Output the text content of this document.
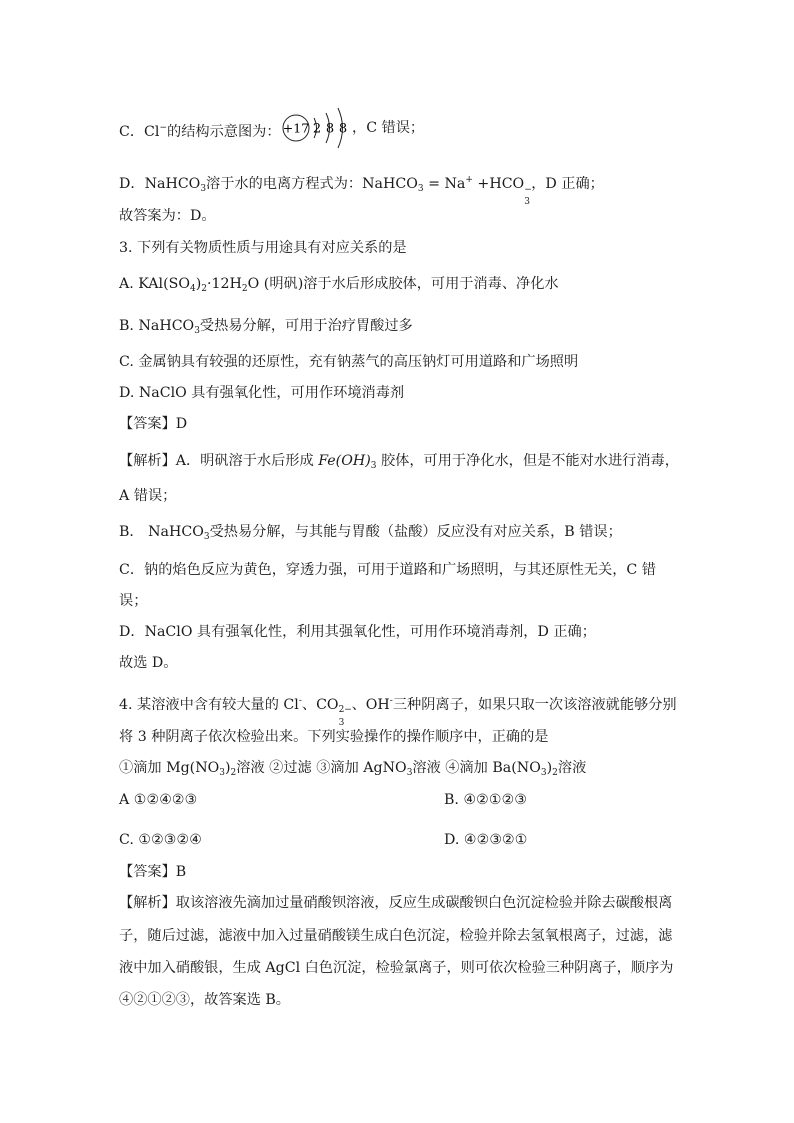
C．Cl−的结构示意图为： +17 2 8 8 ，C 错误；
D．NaHCO$_3$溶于水的电离方程式为：NaHCO$_3$ = Na+ +HCO −
3
，D 正确；
故答案为：D。
3. 下列有关物质性质与用途具有对应关系的是
A. $KAl(SO_4)_2\cdot 12H_2O$ (明矾)溶于水后形成胶体，可用于消毒、净化水
B. NaHCO$_3$受热易分解，可用于治疗胃酸过多
C. 金属钠具有较强的还原性，充有钠蒸气的高压钠灯可用道路和广场照明
D. NaClO 具有强氧化性，可用作环境消毒剂
【答案】D
【解析】A．明矾溶于水后形成 $Fe(OH)_3$ 胶体，可用于净化水，但是不能对水进行消毒，
A 错误；
B． NaHCO$_3$受热易分解，与其能与胃酸（盐酸）反应没有对应关系，B 错误；
C．钠的焰色反应为黄色，穿透力强，可用于道路和广场照明，与其还原性无关，C 错
误；
D．NaClO 具有强氧化性，利用其强氧化性，可用作环境消毒剂，D 正确；
故选 D。
4. 某溶液中含有较大量的 Cl-、CO 2−
3
、OH-三种阴离子，如果只取一次该溶液就能够分别
将 3 种阴离子依次检验出来。下列实验操作的操作顺序中，正确的是
①滴加 $Mg(NO_3)_2$溶液 ②过滤 ③滴加 AgNO$_3$溶液 ④滴加 $Ba(NO_3)_2$溶液
A ①②④②③	B. ④②①②③
C. ①②③②④	D. ④②③②①
【答案】B
【解析】取该溶液先滴加过量硝酸钡溶液，反应生成碳酸钡白色沉淀检验并除去碳酸根离
子，随后过滤，滤液中加入过量硝酸镁生成白色沉淀，检验并除去氢氧根离子，过滤，滤
液中加入硝酸银，生成 AgCl 白色沉淀，检验氯离子，则可依次检验三种阴离子，顺序为
④②①②③，故答案选 B。
